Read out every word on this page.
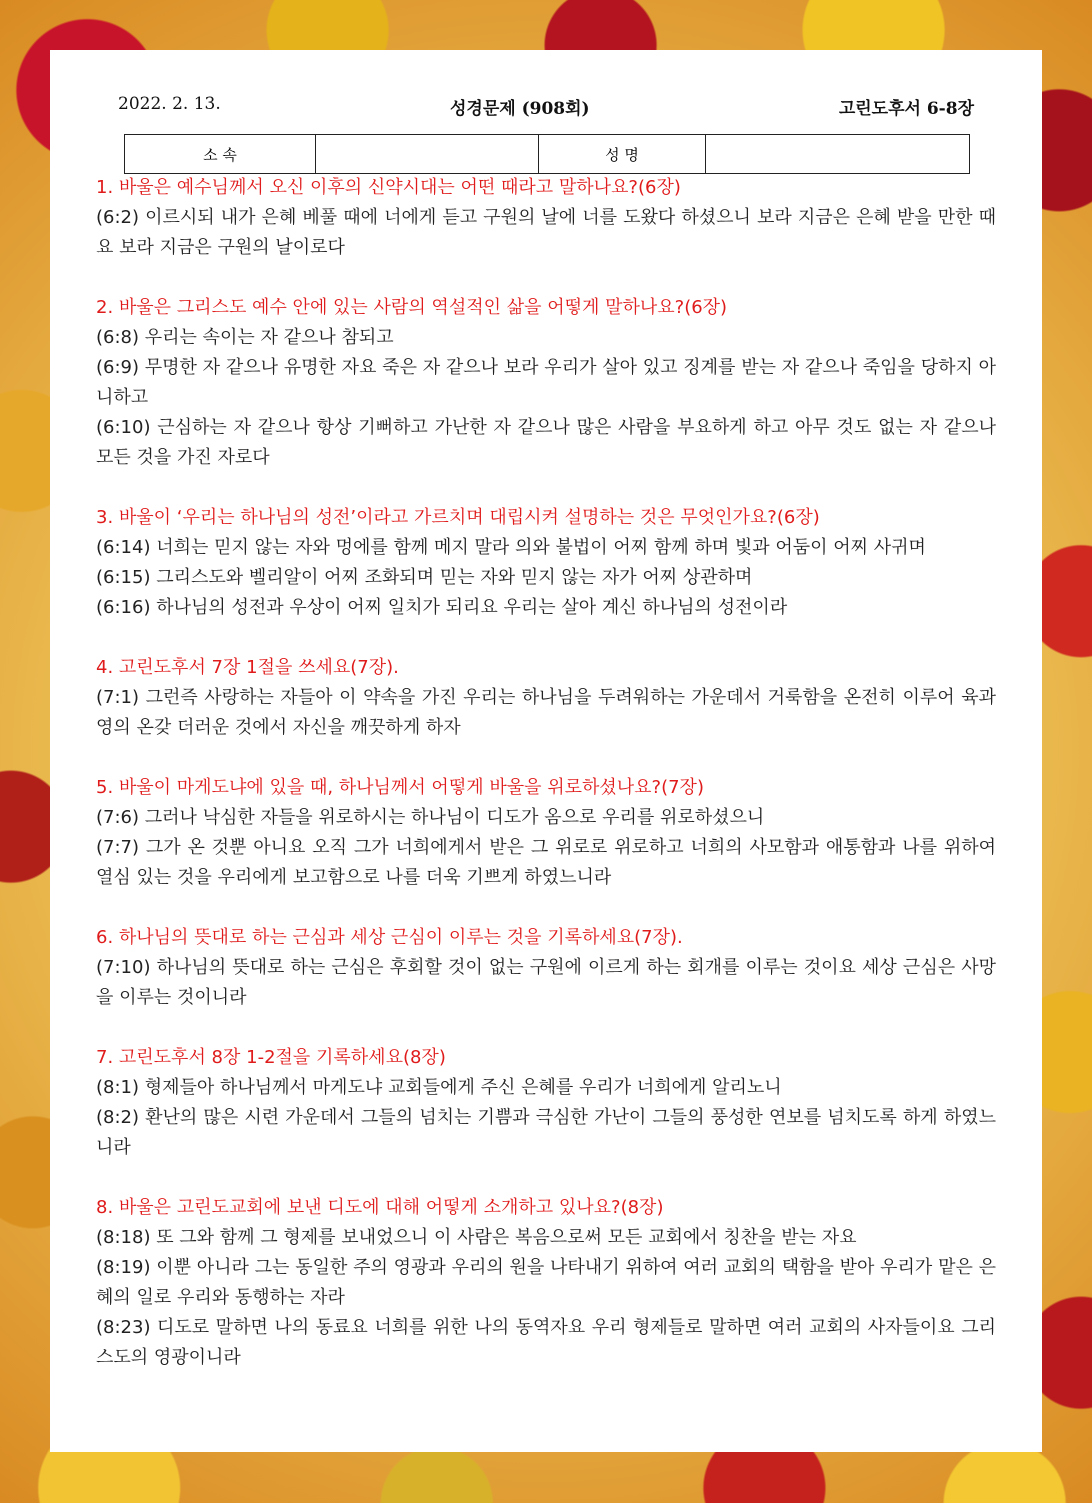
2022. 2. 13.	성경문제 (908회)	고린도후서 6-8장
소 속		성 명	
1. 바울은 예수님께서 오신 이후의 신약시대는 어떤 때라고 말하나요?(6장)
(6:2) 이르시되 내가 은혜 베풀 때에 너에게 듣고 구원의 날에 너를 도왔다 하셨으니 보라 지금은 은혜 받을 만한 때요 보라 지금은 구원의 날이로다
2. 바울은 그리스도 예수 안에 있는 사람의 역설적인 삶을 어떻게 말하나요?(6장)
(6:8) 우리는 속이는 자 같으나 참되고
(6:9) 무명한 자 같으나 유명한 자요 죽은 자 같으나 보라 우리가 살아 있고 징계를 받는 자 같으나 죽임을 당하지 아니하고
(6:10) 근심하는 자 같으나 항상 기뻐하고 가난한 자 같으나 많은 사람을 부요하게 하고 아무 것도 없는 자 같으나 모든 것을 가진 자로다
3. 바울이 ‘우리는 하나님의 성전’이라고 가르치며 대립시켜 설명하는 것은 무엇인가요?(6장)
(6:14) 너희는 믿지 않는 자와 멍에를 함께 메지 말라 의와 불법이 어찌 함께 하며 빛과 어둠이 어찌 사귀며
(6:15) 그리스도와 벨리알이 어찌 조화되며 믿는 자와 믿지 않는 자가 어찌 상관하며
(6:16) 하나님의 성전과 우상이 어찌 일치가 되리요 우리는 살아 계신 하나님의 성전이라
4. 고린도후서 7장 1절을 쓰세요(7장).
(7:1) 그런즉 사랑하는 자들아 이 약속을 가진 우리는 하나님을 두려워하는 가운데서 거룩함을 온전히 이루어 육과 영의 온갖 더러운 것에서 자신을 깨끗하게 하자
5. 바울이 마게도냐에 있을 때, 하나님께서 어떻게 바울을 위로하셨나요?(7장)
(7:6) 그러나 낙심한 자들을 위로하시는 하나님이 디도가 옴으로 우리를 위로하셨으니
(7:7) 그가 온 것뿐 아니요 오직 그가 너희에게서 받은 그 위로로 위로하고 너희의 사모함과 애통함과 나를 위하여 열심 있는 것을 우리에게 보고함으로 나를 더욱 기쁘게 하였느니라
6. 하나님의 뜻대로 하는 근심과 세상 근심이 이루는 것을 기록하세요(7장).
(7:10) 하나님의 뜻대로 하는 근심은 후회할 것이 없는 구원에 이르게 하는 회개를 이루는 것이요 세상 근심은 사망을 이루는 것이니라
7. 고린도후서 8장 1-2절을 기록하세요(8장)
(8:1) 형제들아 하나님께서 마게도냐 교회들에게 주신 은혜를 우리가 너희에게 알리노니
(8:2) 환난의 많은 시련 가운데서 그들의 넘치는 기쁨과 극심한 가난이 그들의 풍성한 연보를 넘치도록 하게 하였느니라
8. 바울은 고린도교회에 보낸 디도에 대해 어떻게 소개하고 있나요?(8장)
(8:18) 또 그와 함께 그 형제를 보내었으니 이 사람은 복음으로써 모든 교회에서 칭찬을 받는 자요
(8:19) 이뿐 아니라 그는 동일한 주의 영광과 우리의 원을 나타내기 위하여 여러 교회의 택함을 받아 우리가 맡은 은혜의 일로 우리와 동행하는 자라
(8:23) 디도로 말하면 나의 동료요 너희를 위한 나의 동역자요 우리 형제들로 말하면 여러 교회의 사자들이요 그리스도의 영광이니라
